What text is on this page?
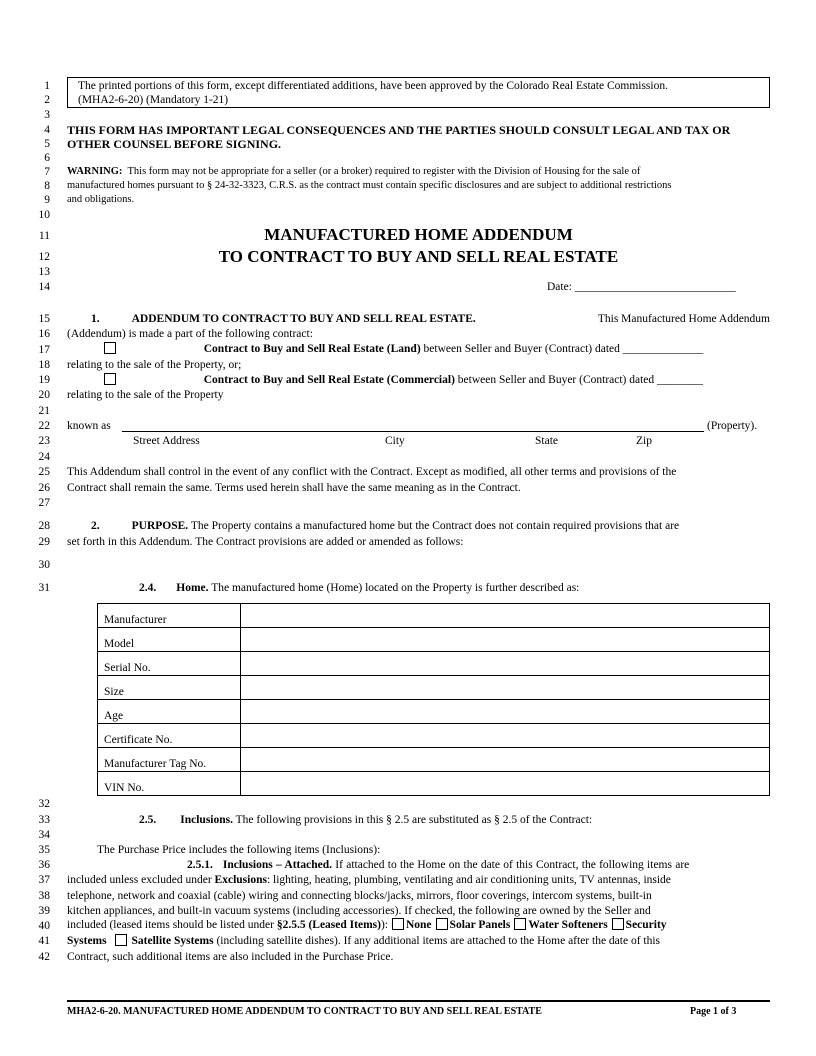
The printed portions of this form, except differentiated additions, have been approved by the Colorado Real Estate Commission.
(MHA2-6-20) (Mandatory 1-21)
1
2
3
4
5
6
7
8
9
10
11
12
13
14
15
16
17
18
19
20
21
22
23
24
25
26
27
28
29
30
31
32
33
34
35
36
37
38
39
40
41
42
THIS FORM HAS IMPORTANT LEGAL CONSEQUENCES AND THE PARTIES SHOULD CONSULT LEGAL AND TAX OR
OTHER COUNSEL BEFORE SIGNING.
WARNING: This form may not be appropriate for a seller (or a broker) required to register with the Division of Housing for the sale of
manufactured homes pursuant to § 24-32-3323, C.R.S. as the contract must contain specific disclosures and are subject to additional restrictions
and obligations.
MANUFACTURED HOME ADDENDUM
TO CONTRACT TO BUY AND SELL REAL ESTATE
Date: ____________________________
1.	ADDENDUM TO CONTRACT TO BUY AND SELL REAL ESTATE.	This Manufactured Home Addendum
(Addendum) is made a part of the following contract:
Contract to Buy and Sell Real Estate (Land) between Seller and Buyer (Contract) dated ______________
relating to the sale of the Property, or;
Contract to Buy and Sell Real Estate (Commercial) between Seller and Buyer (Contract) dated ________
relating to the sale of the Property
known as	(Property).
Street Address	City	State	Zip
This Addendum shall control in the event of any conflict with the Contract. Except as modified, all other terms and provisions of the
Contract shall remain the same. Terms used herein shall have the same meaning as in the Contract.
2.	PURPOSE. The Property contains a manufactured home but the Contract does not contain required provisions that are
set forth in this Addendum. The Contract provisions are added or amended as follows:
2.4. Home. The manufactured home (Home) located on the Property is further described as:
Manufacturer	
Model	
Serial No.	
Size	
Age	
Certificate No.	
Manufacturer Tag No.	
VIN No.	
2.5. Inclusions. The following provisions in this § 2.5 are substituted as § 2.5 of the Contract:
The Purchase Price includes the following items (Inclusions):
2.5.1. Inclusions – Attached. If attached to the Home on the date of this Contract, the following items are
included unless excluded under Exclusions: lighting, heating, plumbing, ventilating and air conditioning units, TV antennas, inside
telephone, network and coaxial (cable) wiring and connecting blocks/jacks, mirrors, floor coverings, intercom systems, built-in
kitchen appliances, and built-in vacuum systems (including accessories). If checked, the following are owned by the Seller and
included (leased items should be listed under §2.5.5 (Leased Items)): None Solar Panels Water Softeners Security
Systems Satellite Systems (including satellite dishes). If any additional items are attached to the Home after the date of this
Contract, such additional items are also included in the Purchase Price.
MHA2-6-20. MANUFACTURED HOME ADDENDUM TO CONTRACT TO BUY AND SELL REAL ESTATE	Page 1 of 3
